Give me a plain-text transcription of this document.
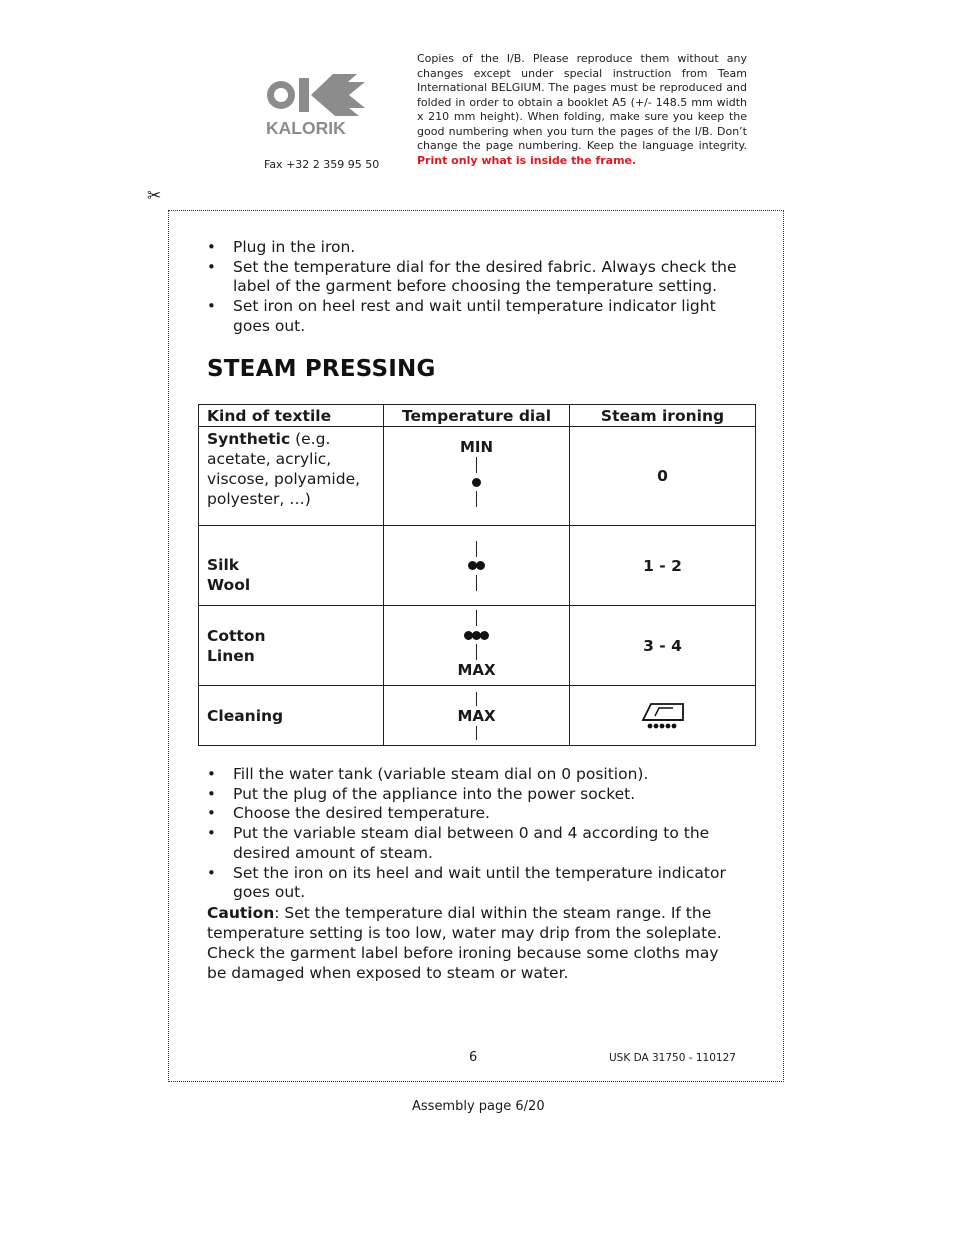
KALORIK
Fax +32 2 359 95 50
Copies of the I/B. Please reproduce them without any changes except under special instruction from Team International BELGIUM. The pages must be reproduced and folded in order to obtain a booklet A5 (+/- 148.5 mm width x 210 mm height). When folding, make sure you keep the good numbering when you turn the pages of the I/B. Don’t change the page numbering. Keep the language integrity. Print only what is inside the frame.
✂
• Plug in the iron.
• Set the temperature dial for the desired fabric. Always check the label of the garment before choosing the temperature setting.
• Set iron on heel rest and wait until temperature indicator light goes out.
STEAM PRESSING
Kind of textile	Temperature dial	Steam ironing
Synthetic (e.g. acetate, acrylic, viscose, polyamide, polyester, …)	MIN	0

Silk
Wool		1 - 2

Cotton
Linen	MAX	3 - 4
Cleaning	MAX

• Fill the water tank (variable steam dial on 0 position).
• Put the plug of the appliance into the power socket.
• Choose the desired temperature.
• Put the variable steam dial between 0 and 4 according to the desired amount of steam.
• Set the iron on its heel and wait until the temperature indicator goes out.

Caution: Set the temperature dial within the steam range. If the temperature setting is too low, water may drip from the soleplate. Check the garment label before ironing because some cloths may be damaged when exposed to steam or water.

6	USK DA 31750 - 110127
Assembly page 6/20
